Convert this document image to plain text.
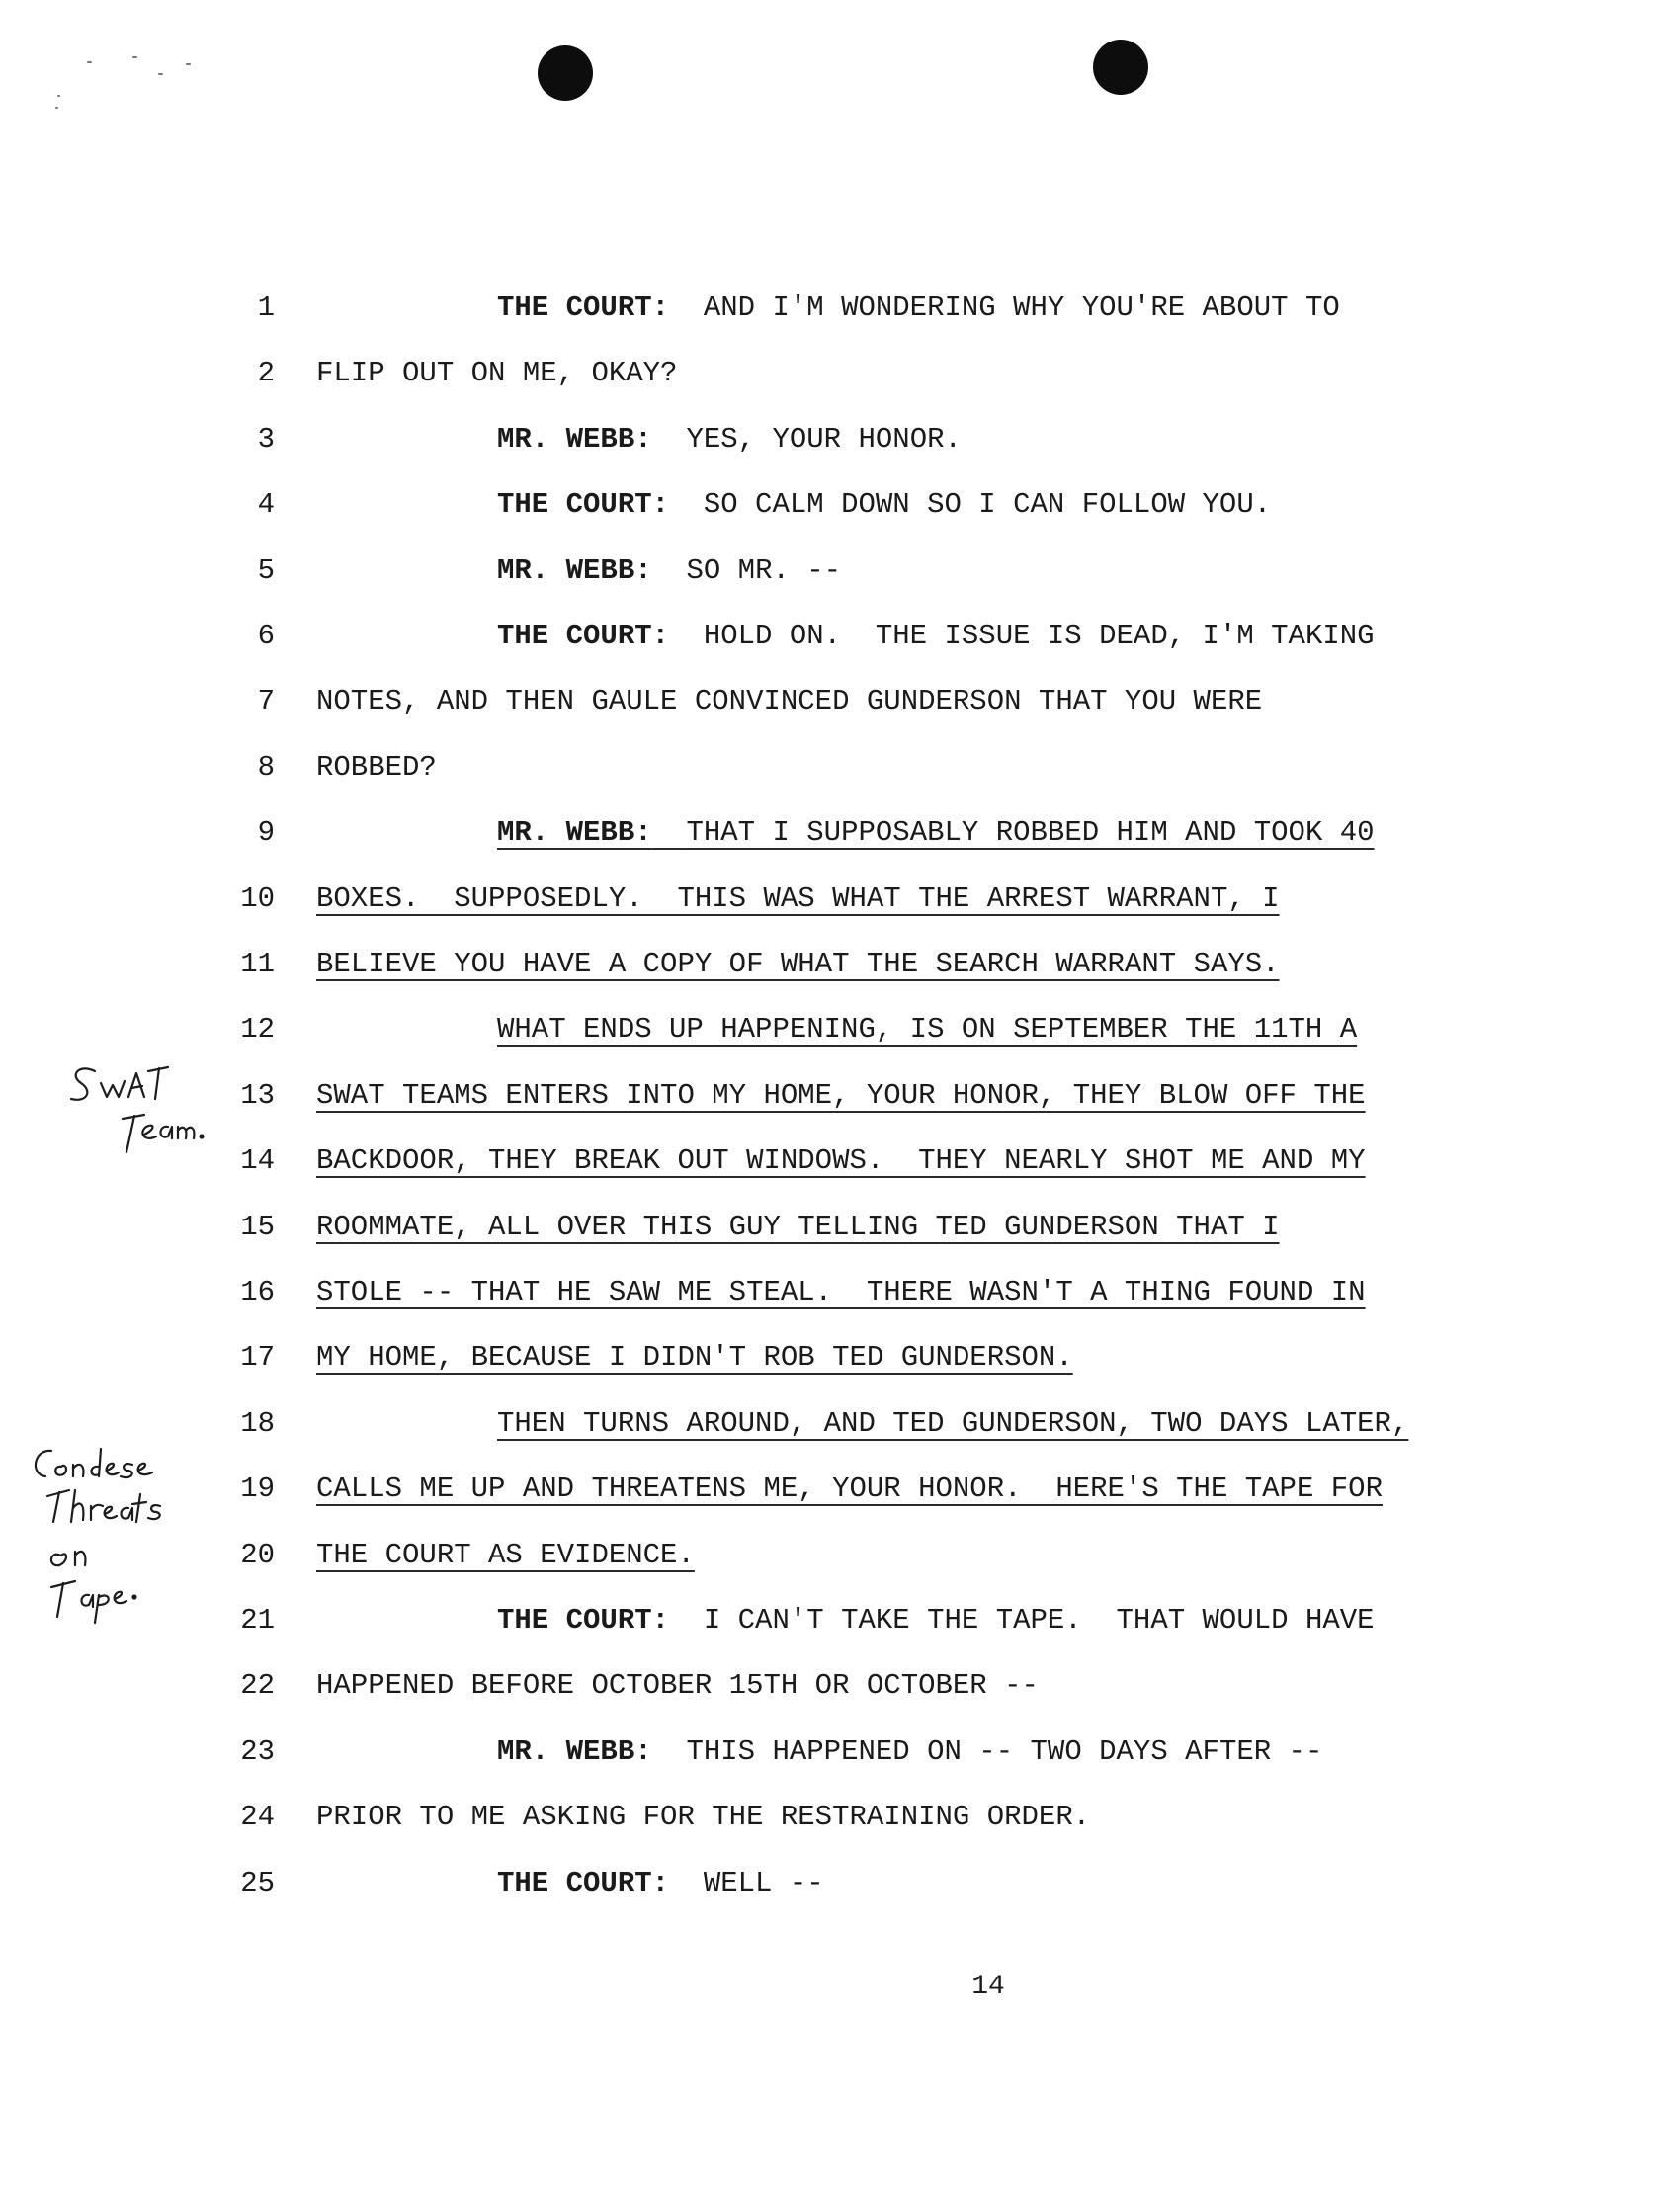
1	THE COURT: AND I'M WONDERING WHY YOU'RE ABOUT TO
2 FLIP OUT ON ME, OKAY?
3	MR. WEBB: YES, YOUR HONOR.
4	THE COURT: SO CALM DOWN SO I CAN FOLLOW YOU.
5	MR. WEBB: SO MR. --
6	THE COURT: HOLD ON.  THE ISSUE IS DEAD, I'M TAKING
7 NOTES, AND THEN GAULE CONVINCED GUNDERSON THAT YOU WERE
8 ROBBED?
9	MR. WEBB: THAT I SUPPOSABLY ROBBED HIM AND TOOK 40
10 BOXES.  SUPPOSEDLY.  THIS WAS WHAT THE ARREST WARRANT, I
11 BELIEVE YOU HAVE A COPY OF WHAT THE SEARCH WARRANT SAYS.
12	WHAT ENDS UP HAPPENING, IS ON SEPTEMBER THE 11TH A
13 SWAT TEAMS ENTERS INTO MY HOME, YOUR HONOR, THEY BLOW OFF THE
14 BACKDOOR, THEY BREAK OUT WINDOWS.  THEY NEARLY SHOT ME AND MY
15 ROOMMATE, ALL OVER THIS GUY TELLING TED GUNDERSON THAT I
16 STOLE -- THAT HE SAW ME STEAL.  THERE WASN'T A THING FOUND IN
17 MY HOME, BECAUSE I DIDN'T ROB TED GUNDERSON.
18	THEN TURNS AROUND, AND TED GUNDERSON, TWO DAYS LATER,
19 CALLS ME UP AND THREATENS ME, YOUR HONOR.  HERE'S THE TAPE FOR
20 THE COURT AS EVIDENCE.
21	THE COURT: I CAN'T TAKE THE TAPE.  THAT WOULD HAVE
22 HAPPENED BEFORE OCTOBER 15TH OR OCTOBER --
23	MR. WEBB: THIS HAPPENED ON -- TWO DAYS AFTER --
24 PRIOR TO ME ASKING FOR THE RESTRAINING ORDER.
25	THE COURT: WELL --
14
